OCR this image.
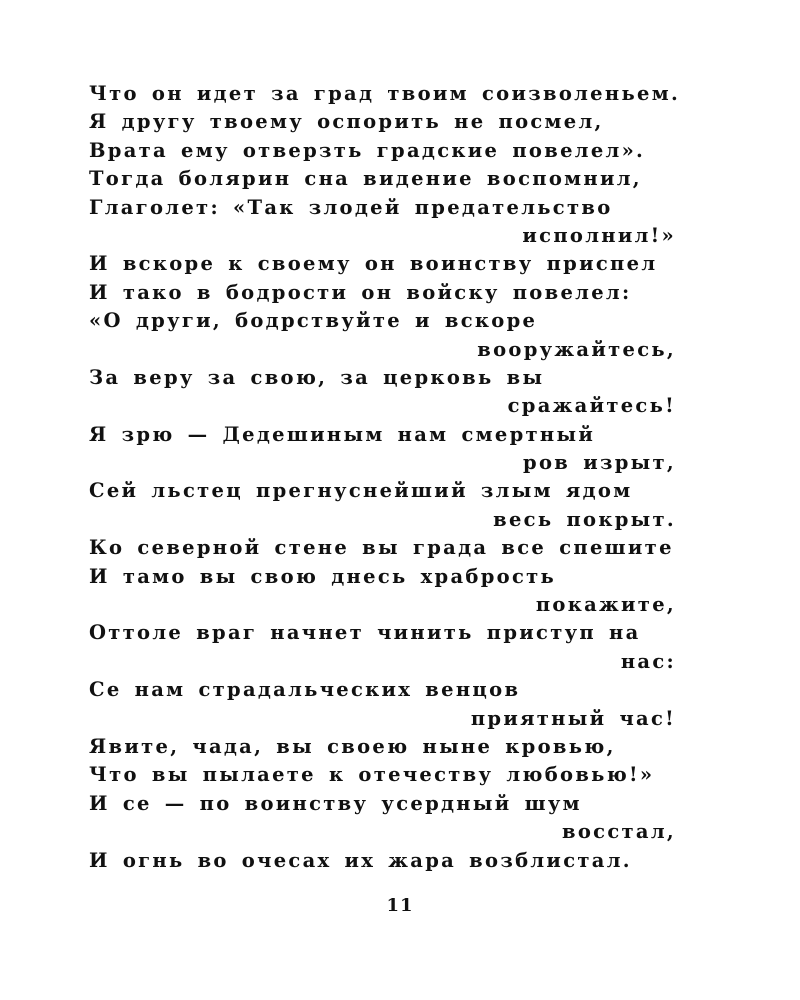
Что он идет за град твоим соизволеньем.
Я другу твоему оспорить не посмел,
Врата ему отверзть градские повелел».
Тогда болярин сна видение воспомнил,
Глаголет: «Так злодей предательство
исполнил!»
И вскоре к своему он воинству приспел
И тако в бодрости он войску повелел:
«О други, бодрствуйте и вскоре
вооружайтесь,
За веру за свою, за церковь вы
сражайтесь!
Я зрю — Дедешиным нам смертный
ров изрыт,
Сей льстец прегнуснейший злым ядом
весь покрыт.
Ко северной стене вы града все спешите
И тамо вы свою днесь храбрость
покажите,
Оттоле враг начнет чинить приступ на
нас:
Се нам страдальческих венцов
приятный час!
Явите, чада, вы своею ныне кровью,
Что вы пылаете к отечеству любовью!»
И се — по воинству усердный шум
восстал,
И огнь во очесах их жара возблистал.
11
